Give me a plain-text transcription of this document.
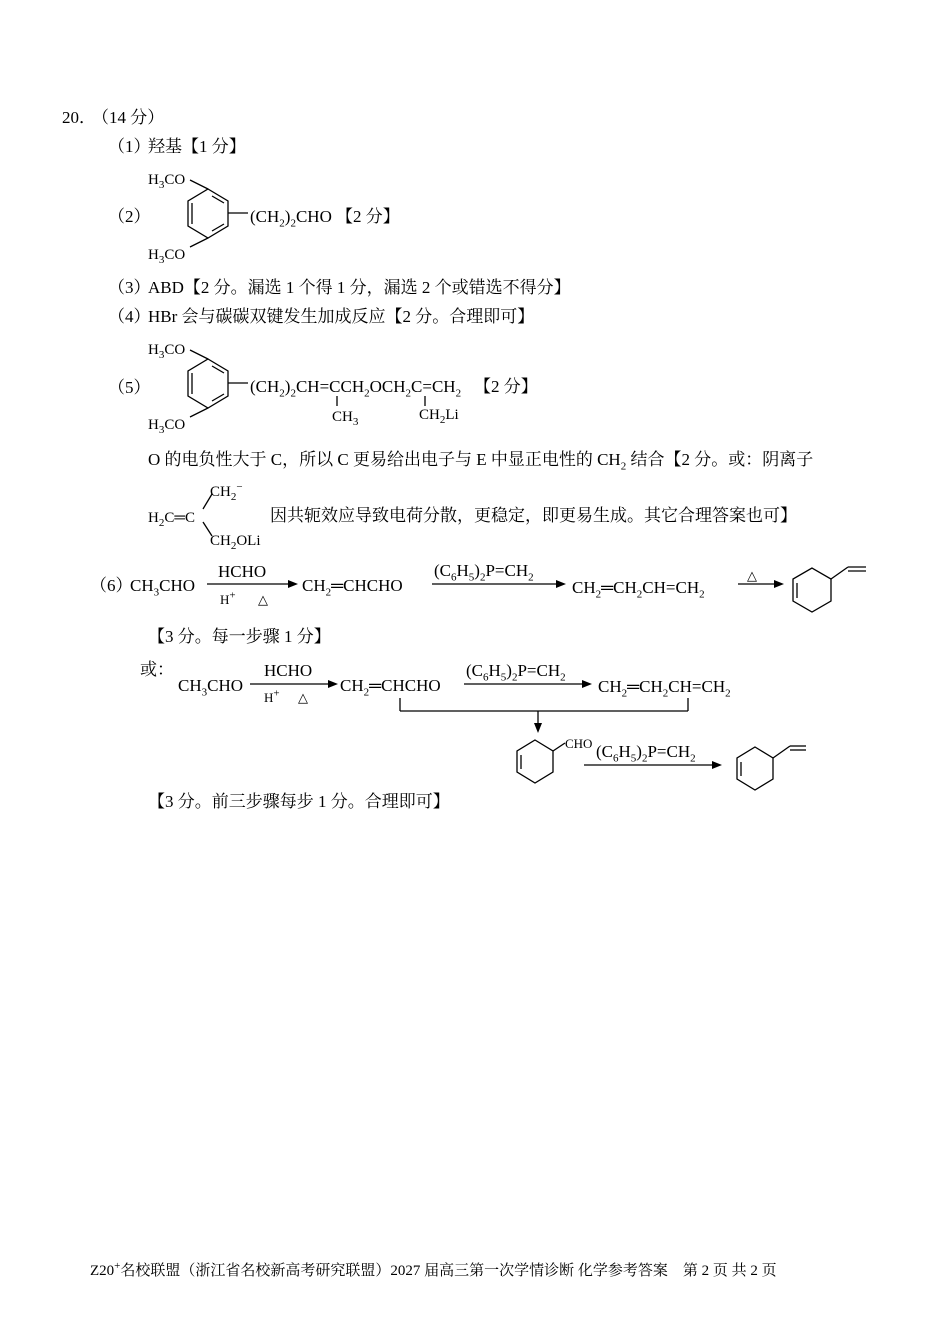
20．
（14 分）
（1）
羟基【1 分】
（2）
$H_3CO$
$H_3CO$
$(CH_2)_2CHO$ 【2 分】
（3）
ABD【2 分。漏选 1 个得 1 分，漏选 2 个或错选不得分】
（4）
HBr 会与碳碳双键发生加成反应【2 分。合理即可】
（5）
$H_3CO$
$H_3CO$
$(CH_2)_2CH=CCH_2OCH_2C=CH_2$ 【2 分】
$CH_3$	$CH_2Li$
O 的电负性大于 C，所以 C 更易给出电子与 E 中显正电性的 $CH_2$ 结合【2 分。或：阴离子
$CH_2^-$
$H_2C═C$
$CH_2OLi$
因共轭效应导致电荷分散，更稳定，即更易生成。其它合理答案也可】
（6）
$CH_3CHO$
HCHO
H+ △
$CH_2═CHCHO$
$(C_6H_5)_2P=CH_2$
$CH_2═CH_2CH=CH_2$
△
【3 分。每一步骤 1 分】
或：
$CH_3CHO$
HCHO
H+ △
$CH_2═CHCHO$
$(C_6H_5)_2P=CH_2$ $CH_2═CH_2CH=CH_2$
CHO $(C_6H_5)_2P=CH_2$
【3 分。前三步骤每步 1 分。合理即可】
Z20+名校联盟（浙江省名校新高考研究联盟）2027 届高三第一次学情诊断 化学参考答案　第 2 页 共 2 页
